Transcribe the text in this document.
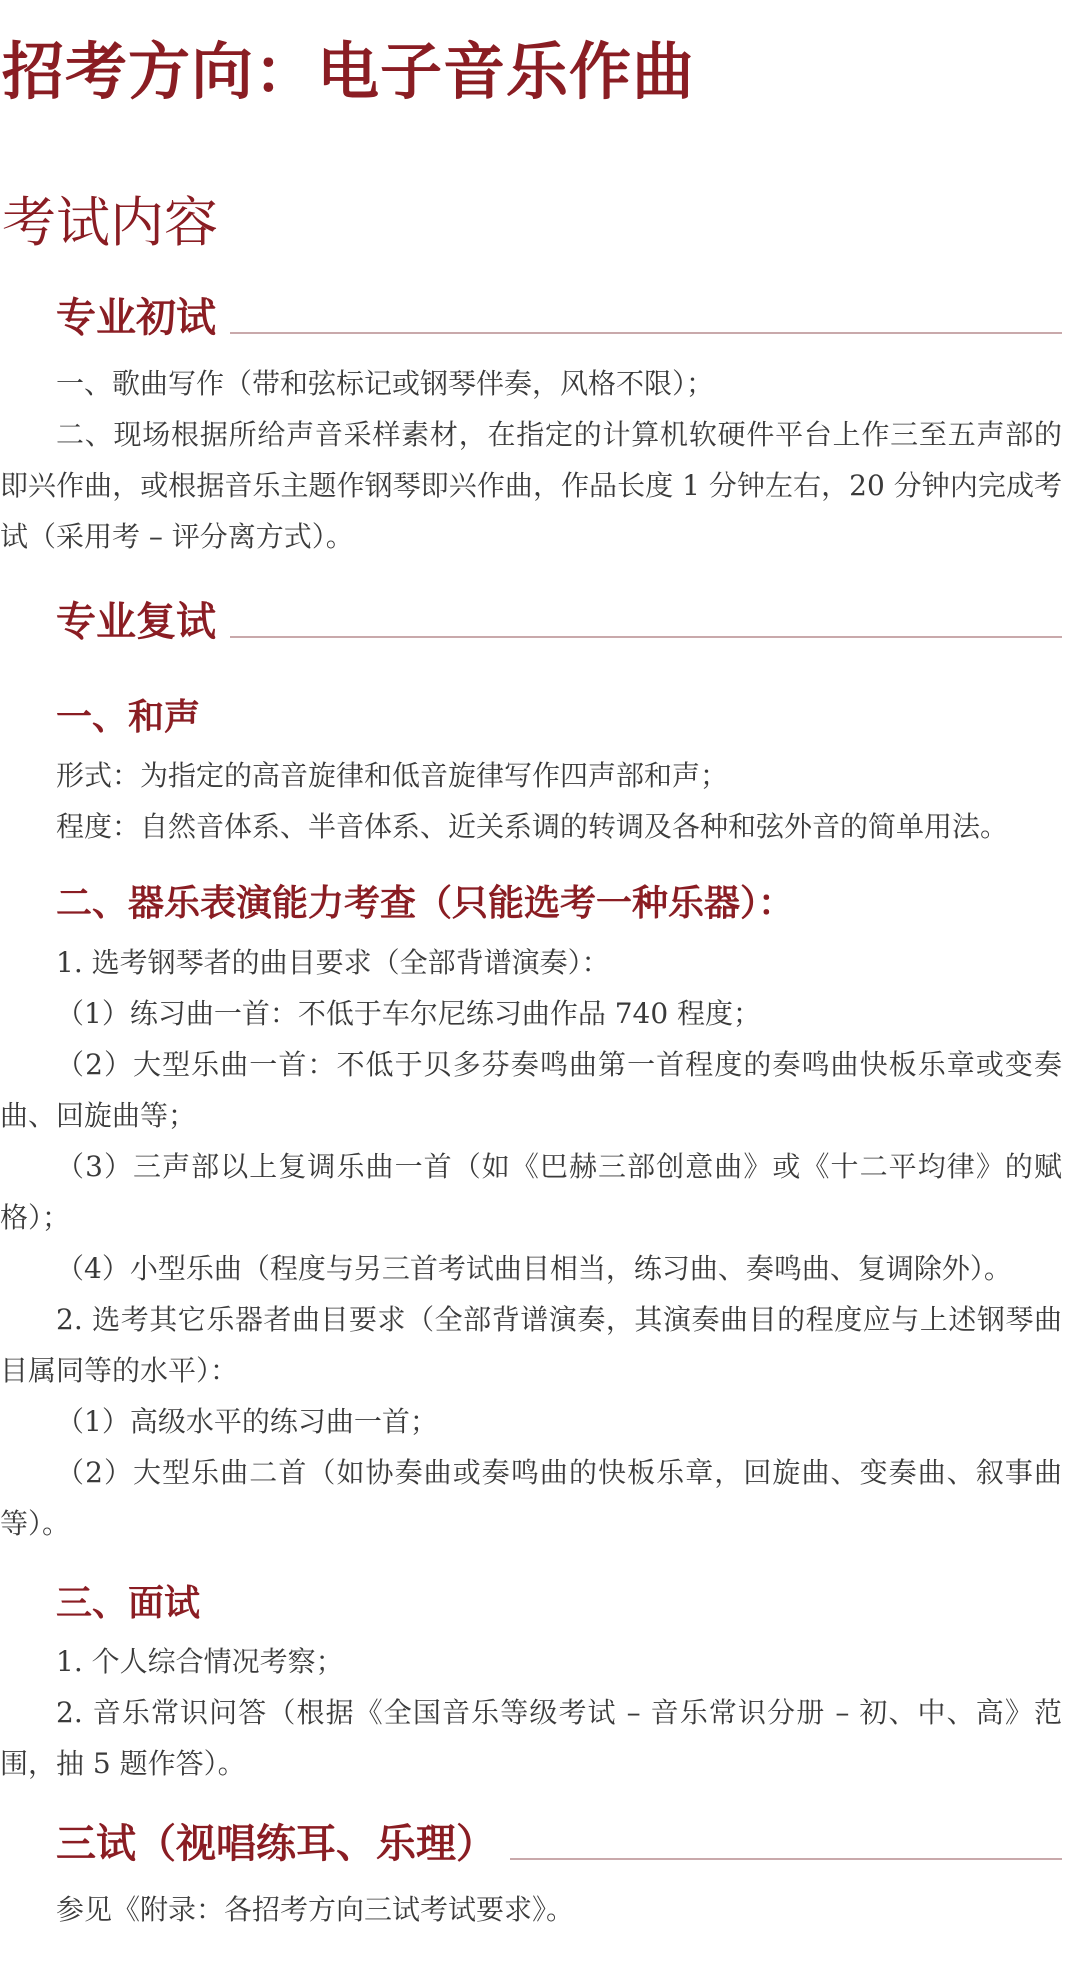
招考方向：电子音乐作曲
考试内容
专业初试

一、歌曲写作（带和弦标记或钢琴伴奏，风格不限）；

二、现场根据所给声音采样素材，在指定的计算机软硬件平台上作三至五声部的即兴作曲，或根据音乐主题作钢琴即兴作曲，作品长度 1 分钟左右，20 分钟内完成考试（采用考 – 评分离方式）。

专业复试
一、和声

形式：为指定的高音旋律和低音旋律写作四声部和声；

程度：自然音体系、半音体系、近关系调的转调及各种和弦外音的简单用法。

二、器乐表演能力考查（只能选考一种乐器）：

1. 选考钢琴者的曲目要求（全部背谱演奏）：

（1）练习曲一首：不低于车尔尼练习曲作品 740 程度；

（2）大型乐曲一首：不低于贝多芬奏鸣曲第一首程度的奏鸣曲快板乐章或变奏曲、回旋曲等；

（3）三声部以上复调乐曲一首（如《巴赫三部创意曲》或《十二平均律》的赋格）；

（4）小型乐曲（程度与另三首考试曲目相当，练习曲、奏鸣曲、复调除外）。

2. 选考其它乐器者曲目要求（全部背谱演奏，其演奏曲目的程度应与上述钢琴曲目属同等的水平）：

（1）高级水平的练习曲一首；

（2）大型乐曲二首（如协奏曲或奏鸣曲的快板乐章，回旋曲、变奏曲、叙事曲等）。

三、面试

1. 个人综合情况考察；

2. 音乐常识问答（根据《全国音乐等级考试 – 音乐常识分册 – 初、中、高》范围，抽 5 题作答）。

三试（视唱练耳、乐理）

参见《附录：各招考方向三试考试要求》。
